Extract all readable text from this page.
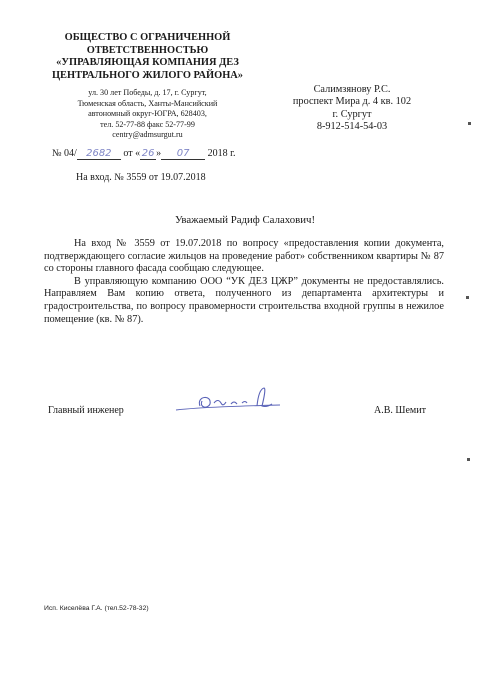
ОБЩЕСТВО С ОГРАНИЧЕННОЙ
ОТВЕТСТВЕННОСТЬЮ
«УПРАВЛЯЮЩАЯ КОМПАНИЯ ДЕЗ
ЦЕНТРАЛЬНОГО ЖИЛОГО РАЙОНА»
ул. 30 лет Победы, д. 17, г. Сургут,
Тюменская область, Ханты-Мансийский
автономный округ-ЮГРА, 628403,
тел. 52-77-88 факс 52-77-99
centry@admsurgut.ru
Салимзянову Р.С.
проспект Мира д. 4 кв. 102
г. Сургут
8-912-514-54-03
№ 04/ 2682 от « 26 » 07 2018 г.
На вход. № 3559 от 19.07.2018
Уважаемый Радиф Салахович!

На вход № 3559 от 19.07.2018 по вопросу «предоставления копии документа, подтверждающего согласие жильцов на проведение работ» собственником квартиры № 87 со стороны главного фасада сообщаю следующее.

В управляющую компанию ООО “УК ДЕЗ ЦЖР” документы не предоставлялись. Направляем Вам копию ответа, полученного из департамента архитектуры и градостроительства, по вопросу правомерности строительства входной группы в нежилое помещение (кв. № 87).

Главный инженер	А.В. Шемит
Исп. Киселёва Г.А. (тел.52-78-32)
